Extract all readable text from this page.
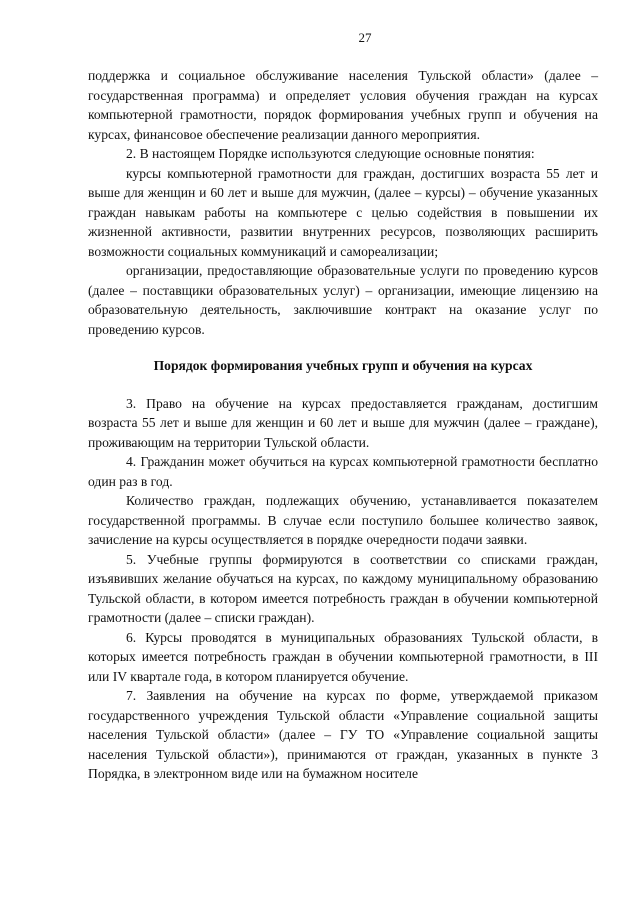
27

поддержка и социальное обслуживание населения Тульской области» (далее – государственная программа) и определяет условия обучения граждан на курсах компьютерной грамотности, порядок формирования учебных групп и обучения на курсах, финансовое обеспечение реализации данного мероприятия.

2. В настоящем Порядке используются следующие основные понятия:

курсы компьютерной грамотности для граждан, достигших возраста 55 лет и выше для женщин и 60 лет и выше для мужчин, (далее – курсы) – обучение указанных граждан навыкам работы на компьютере с целью содействия в повышении их жизненной активности, развитии внутренних ресурсов, позволяющих расширить возможности социальных коммуникаций и самореализации;

организации, предоставляющие образовательные услуги по проведению курсов (далее – поставщики образовательных услуг) – организации, имеющие лицензию на образовательную деятельность, заключившие контракт на оказание услуг по проведению курсов.

Порядок формирования учебных групп и обучения на курсах

3. Право на обучение на курсах предоставляется гражданам, достигшим возраста 55 лет и выше для женщин и 60 лет и выше для мужчин (далее – граждане), проживающим на территории Тульской области.

4. Гражданин может обучиться на курсах компьютерной грамотности бесплатно один раз в год.

Количество граждан, подлежащих обучению, устанавливается показателем государственной программы. В случае если поступило большее количество заявок, зачисление на курсы осуществляется в порядке очередности подачи заявки.

5. Учебные группы формируются в соответствии со списками граждан, изъявивших желание обучаться на курсах, по каждому муниципальному образованию Тульской области, в котором имеется потребность граждан в обучении компьютерной грамотности (далее – списки граждан).

6. Курсы проводятся в муниципальных образованиях Тульской области, в которых имеется потребность граждан в обучении компьютерной грамотности, в III или IV квартале года, в котором планируется обучение.

7. Заявления на обучение на курсах по форме, утверждаемой приказом государственного учреждения Тульской области «Управление социальной защиты населения Тульской области» (далее – ГУ ТО «Управление социальной защиты населения Тульской области»), принимаются от граждан, указанных в пункте 3 Порядка, в электронном виде или на бумажном носителе
